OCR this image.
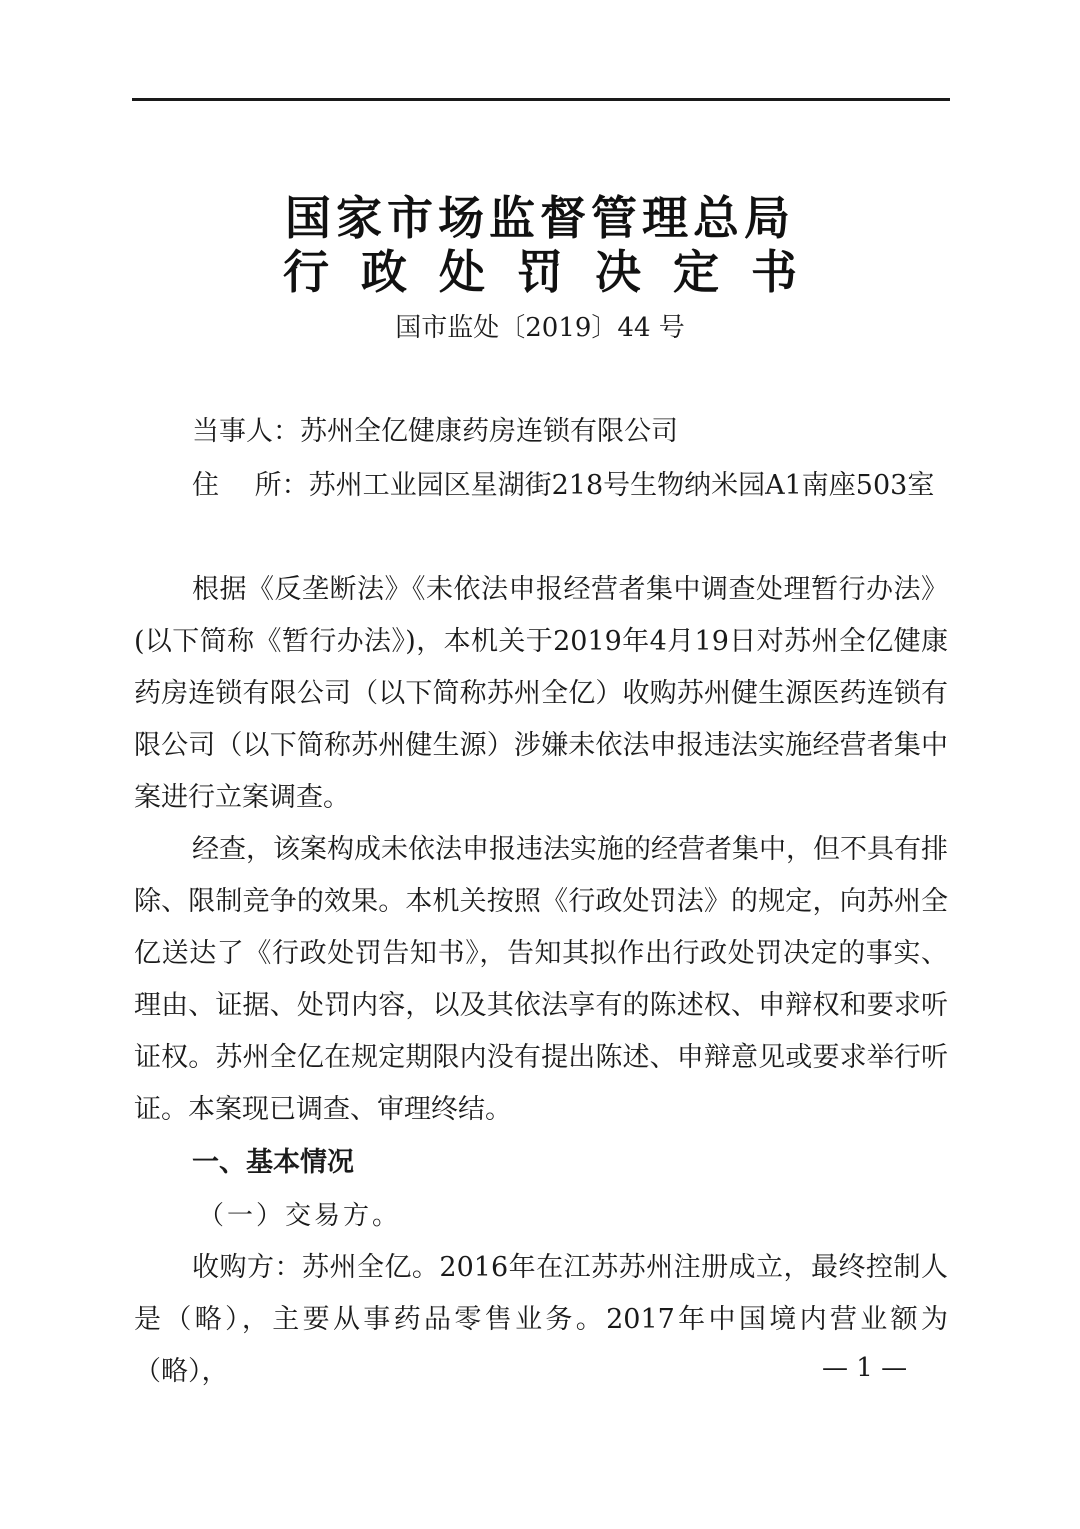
国家市场监督管理总局
行政处罚决定书
国市监处〔2019〕44 号
当事人：苏州全亿健康药房连锁有限公司
住　 所：苏州工业园区星湖街218号生物纳米园A1南座503室

根据《反垄断法》《未依法申报经营者集中调查处理暂行办法》(以下简称《暂行办法》)，本机关于2019年4月19日对苏州全亿健康药房连锁有限公司（以下简称苏州全亿）收购苏州健生源医药连锁有限公司（以下简称苏州健生源）涉嫌未依法申报违法实施经营者集中案进行立案调查。

经查，该案构成未依法申报违法实施的经营者集中，但不具有排除、限制竞争的效果。本机关按照《行政处罚法》的规定，向苏州全亿送达了《行政处罚告知书》，告知其拟作出行政处罚决定的事实、理由、证据、处罚内容，以及其依法享有的陈述权、申辩权和要求听证权。苏州全亿在规定期限内没有提出陈述、申辩意见或要求举行听证。本案现已调查、审理终结。

一、基本情况
（一）交易方。

收购方：苏州全亿。2016年在江苏苏州注册成立，最终控制人是（略），主要从事药品零售业务。2017年中国境内营业额为（略），	— 1 —
